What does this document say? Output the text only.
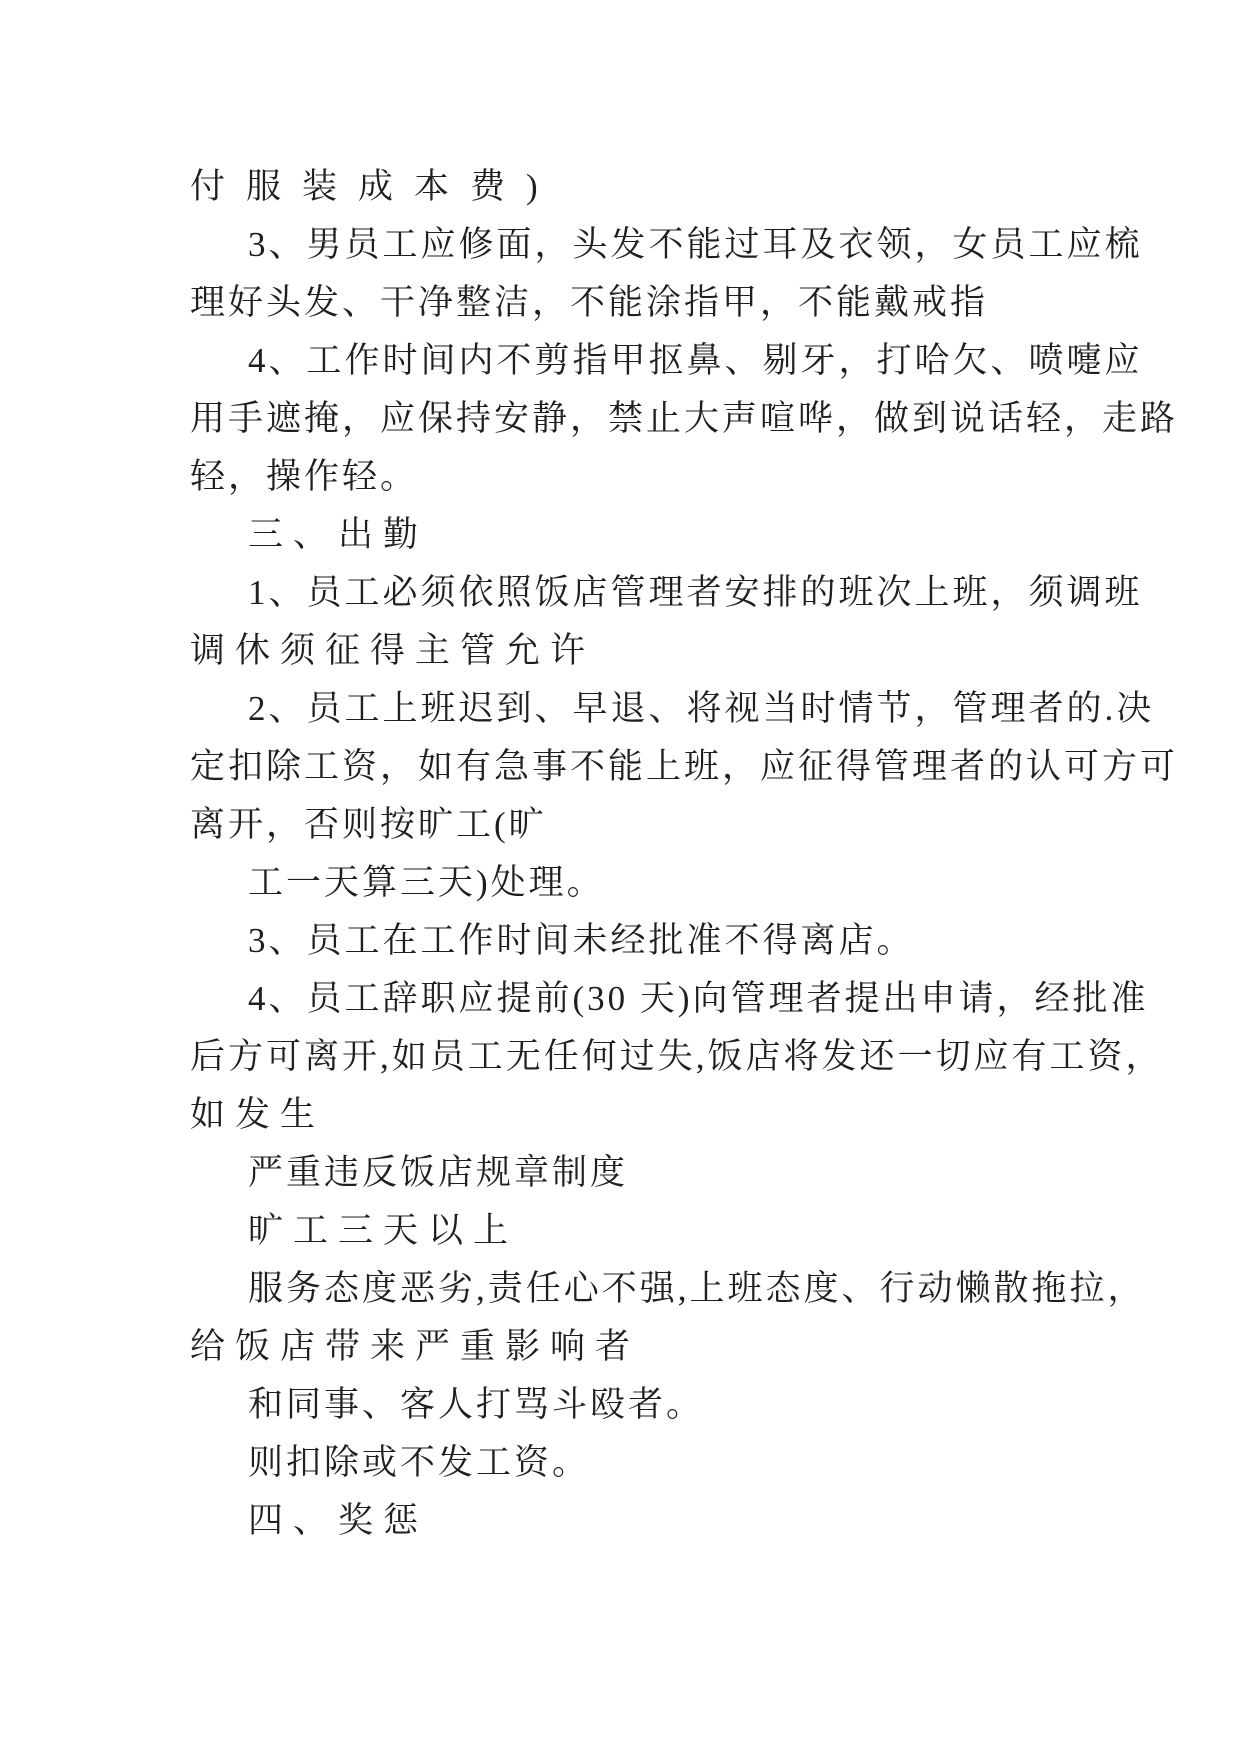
付服装成本费)
3、男员工应修面，头发不能过耳及衣领，女员工应梳
理好头发、干净整洁，不能涂指甲，不能戴戒指
4、工作时间内不剪指甲抠鼻、剔牙，打哈欠、喷嚏应
用手遮掩，应保持安静，禁止大声喧哗，做到说话轻，走路
轻，操作轻。
三、出勤
1、员工必须依照饭店管理者安排的班次上班，须调班
调休须征得主管允许
2、员工上班迟到、早退、将视当时情节，管理者的.决
定扣除工资，如有急事不能上班，应征得管理者的认可方可
离开，否则按旷工(旷
工一天算三天)处理。
3、员工在工作时间未经批准不得离店。
4、员工辞职应提前(30 天)向管理者提出申请，经批准
后方可离开,如员工无任何过失,饭店将发还一切应有工资，
如发生
严重违反饭店规章制度
旷工三天以上
服务态度恶劣,责任心不强,上班态度、行动懒散拖拉，
给饭店带来严重影响者
和同事、客人打骂斗殴者。
则扣除或不发工资。
四、奖惩
